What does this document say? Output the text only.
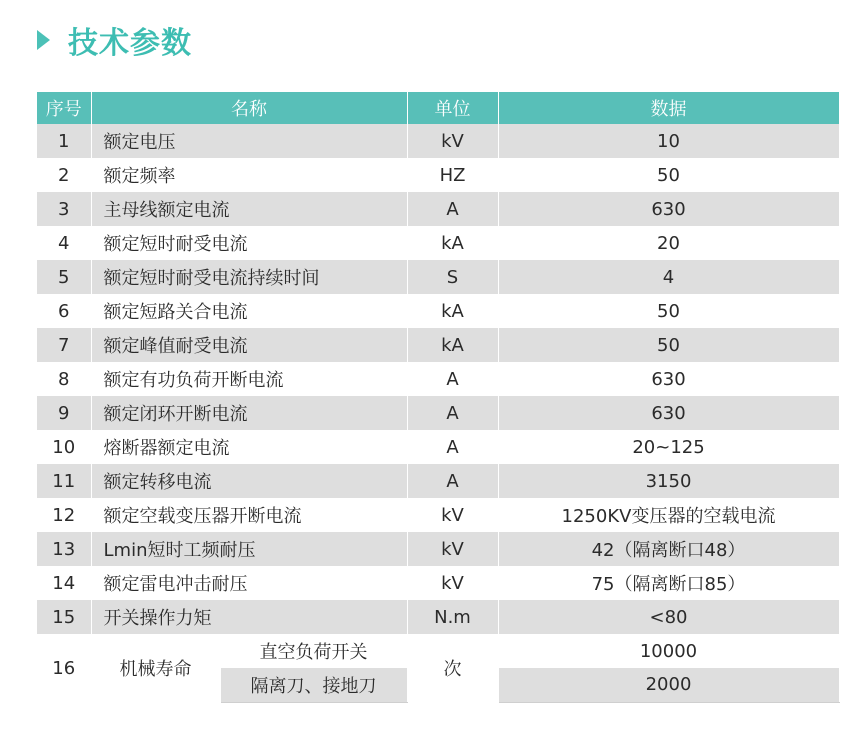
技术参数
序号	名称		单位	数据
1	额定电压		kV	10
2	额定频率		HZ	50
3	主母线额定电流		A	630
4	额定短时耐受电流		kA	20
5	额定短时耐受电流持续时间		S	4
6	额定短路关合电流		kA	50
7	额定峰值耐受电流		kA	50
8	额定有功负荷开断电流		A	630
9	额定闭环开断电流		A	630
10	熔断器额定电流		A	20~125
11	额定转移电流		A	3150
12	额定空载变压器开断电流		kV	1250KV变压器的空载电流
13	Lmin短时工频耐压		kV	42（隔离断口48）
14	额定雷电冲击耐压		kV	75（隔离断口85）
15	开关操作力矩		N.m	<80
16	机械寿命	直空负荷开关	次	10000
		隔离刀、接地刀		2000
